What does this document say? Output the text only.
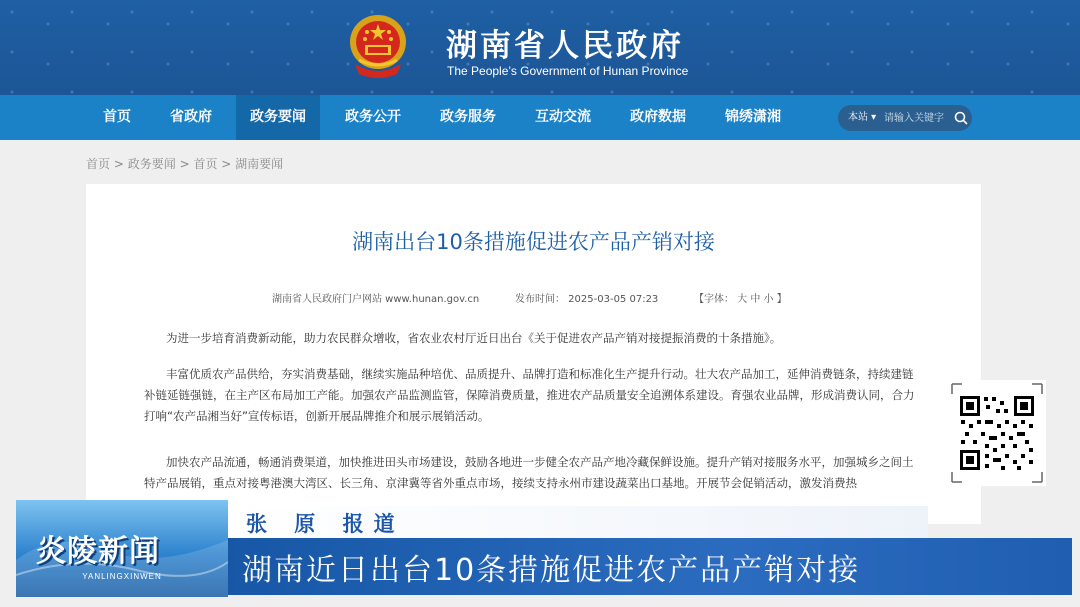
湖南省人民政府
The People’s Government of Hunan Province
首页	省政府	政务要闻	政务公开	政务服务	互动交流	政府数据	锦绣潇湘	本站 ▾
请输入关键字
首页 > 政务要闻 > 首页 > 湖南要闻
湖南出台10条措施促进农产品产销对接
湖南省人民政府门户网站 www.hunan.gov.cn	发布时间： 2025-03-05 07:23	【字体： 大 中 小 】
为进一步培育消费新动能，助力农民群众增收，省农业农村厅近日出台《关于促进农产品产销对接提振消费的十条措施》。
丰富优质农产品供给，夯实消费基础，继续实施品种培优、品质提升、品牌打造和标准化生产提升行动。壮大农产品加工，延伸消费链条，持续建链补链延链强链，在主产区布局加工产能。加强农产品监测监管，保障消费质量，推进农产品质量安全追溯体系建设。育强农业品牌，形成消费认同，合力打响“农产品湘当好”宣传标语，创新开展品牌推介和展示展销活动。
加快农产品流通，畅通消费渠道，加快推进田头市场建设，鼓励各地进一步健全农产品产地冷藏保鲜设施。提升产销对接服务水平，加强城乡之间土特产品展销，重点对接粤港澳大湾区、长三角、京津冀等省外重点市场，接续支持永州市建设蔬菜出口基地。开展节会促销活动，激发消费热
张 原 报道
炎陵新闻
YANLINGXINWEN	湖南近日出台10条措施促进农产品产销对接
